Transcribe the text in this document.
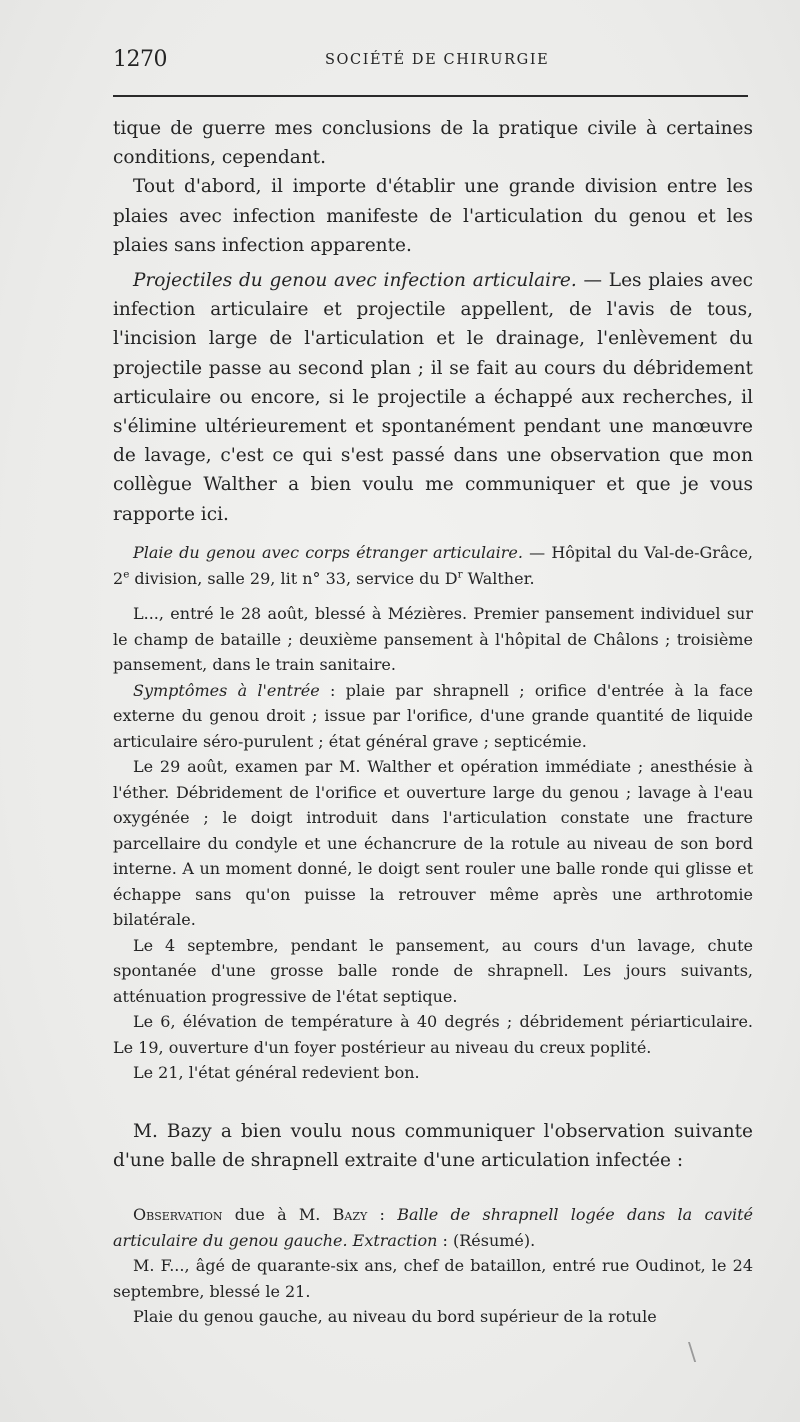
1270	SOCIÉTÉ DE CHIRURGIE

tique de guerre mes conclusions de la pratique civile à certaines conditions, cependant.

Tout d'abord, il importe d'établir une grande division entre les plaies avec infection manifeste de l'articulation du genou et les plaies sans infection apparente.

Projectiles du genou avec infection articulaire. — Les plaies avec infection articulaire et projectile appellent, de l'avis de tous, l'incision large de l'articulation et le drainage, l'enlèvement du projectile passe au second plan ; il se fait au cours du débridement articulaire ou encore, si le projectile a échappé aux recherches, il s'élimine ultérieurement et spontanément pendant une manœuvre de lavage, c'est ce qui s'est passé dans une observation que mon collègue Walther a bien voulu me communiquer et que je vous rapporte ici.

Plaie du genou avec corps étranger articulaire. — Hôpital du Val-de-Grâce, 2e division, salle 29, lit n° 33, service du $D^r$ Walther.

L..., entré le 28 août, blessé à Mézières. Premier pansement individuel sur le champ de bataille ; deuxième pansement à l'hôpital de Châlons ; troisième pansement, dans le train sanitaire.

Symptômes à l'entrée : plaie par shrapnell ; orifice d'entrée à la face externe du genou droit ; issue par l'orifice, d'une grande quantité de liquide articulaire séro-purulent ; état général grave ; septicémie.

Le 29 août, examen par M. Walther et opération immédiate ; anesthésie à l'éther. Débridement de l'orifice et ouverture large du genou ; lavage à l'eau oxygénée ; le doigt introduit dans l'articulation constate une fracture parcellaire du condyle et une échancrure de la rotule au niveau de son bord interne. A un moment donné, le doigt sent rouler une balle ronde qui glisse et échappe sans qu'on puisse la retrouver même après une arthrotomie bilatérale.

Le 4 septembre, pendant le pansement, au cours d'un lavage, chute spontanée d'une grosse balle ronde de shrapnell. Les jours suivants, atténuation progressive de l'état septique.

Le 6, élévation de température à 40 degrés ; débridement périarticulaire. Le 19, ouverture d'un foyer postérieur au niveau du creux poplité.

Le 21, l'état général redevient bon.

M. Bazy a bien voulu nous communiquer l'observation suivante d'une balle de shrapnell extraite d'une articulation infectée :

Observation due à M. Bazy : Balle de shrapnell logée dans la cavité articulaire du genou gauche. Extraction : (Résumé).

M. F..., âgé de quarante-six ans, chef de bataillon, entré rue Oudinot, le 24 septembre, blessé le 21.

Plaie du genou gauche, au niveau du bord supérieur de la rotule

\
